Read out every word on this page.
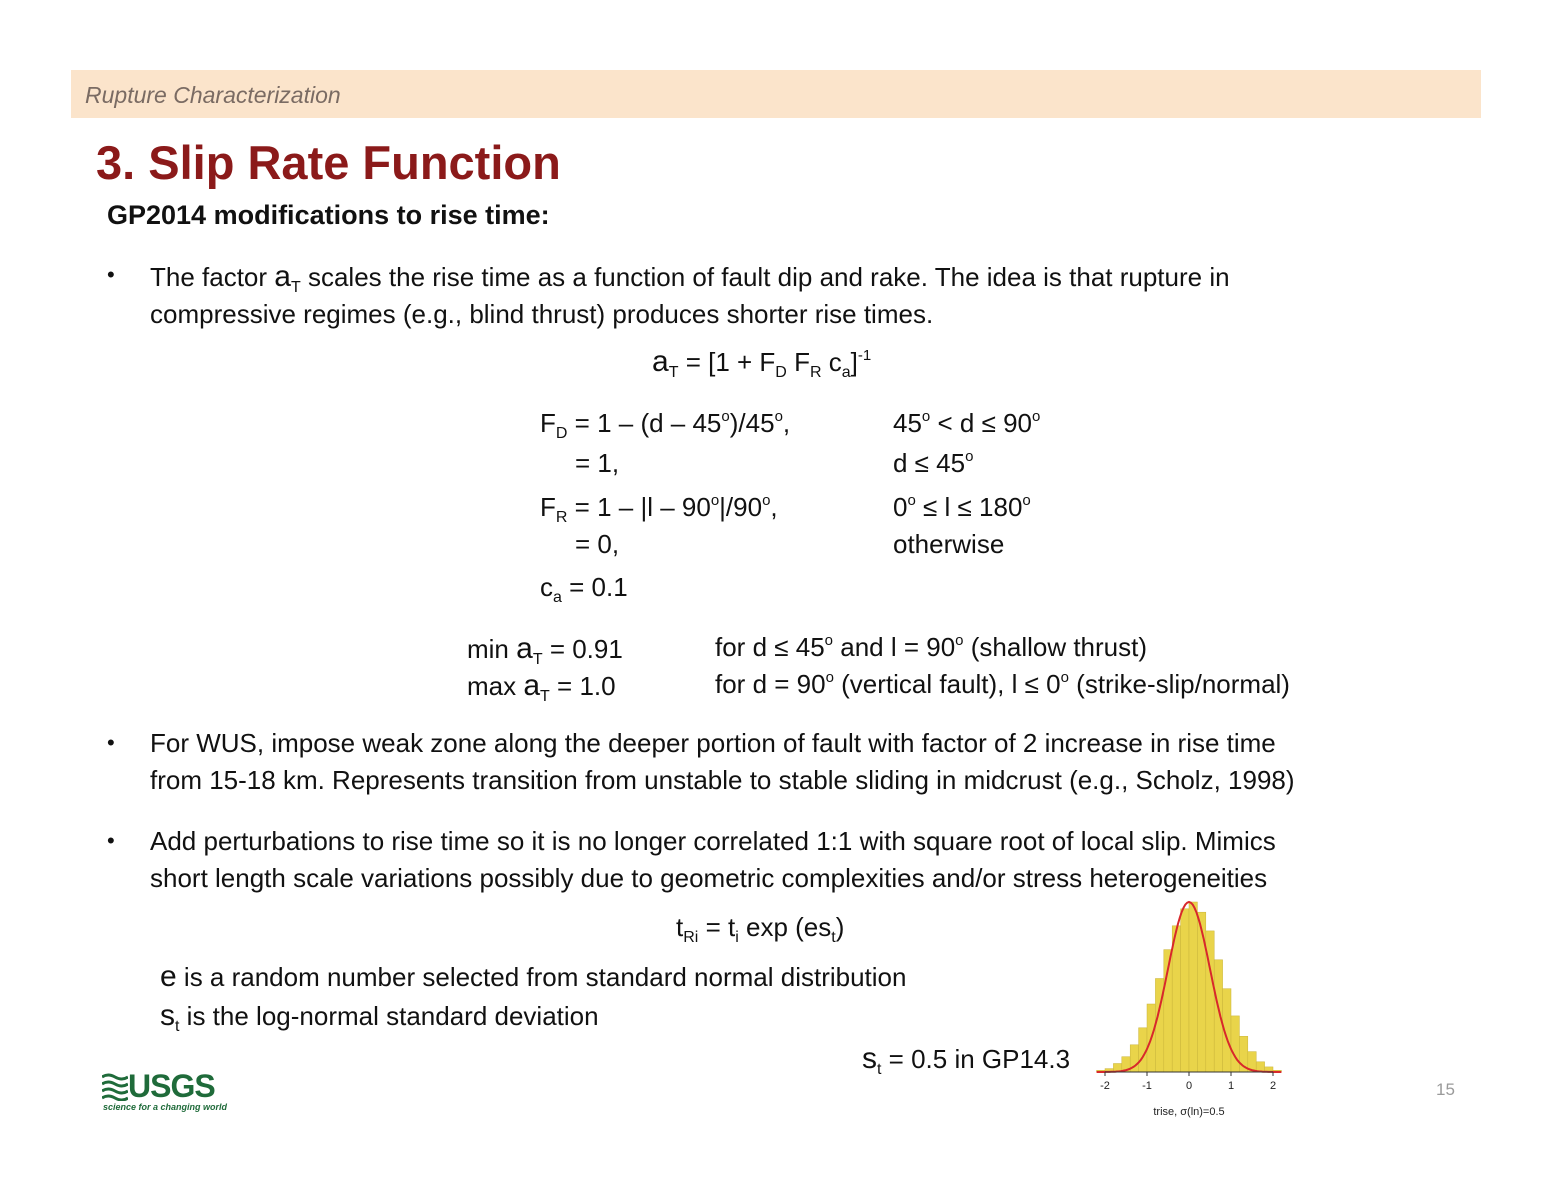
Rupture Characterization
3. Slip Rate Function
GP2014 modifications to rise time:
• The factor $a_T$ scales the rise time as a function of fault dip and rake. The idea is that rupture in
compressive regimes (e.g., blind thrust) produces shorter rise times.
$a_T = [1 + F_D$ $F_R$ $c_a]^{-1}$
$F_D = 1 - (d - 45^o)/45^o$,	$45^o < d \le 90^o$
= 1,	$d \le 45^o$
$F_R = 1 - |l - 90^o|/90^o$,	$0^o \le l \le 180^o$
= 0,	otherwise
$c_a = 0.1$
$\min a_T = 0.91$	for $d \le 45^o$ and $l = 90^o$ (shallow thrust)
$\max a_T = 1.0$	for $d = 90^o$ (vertical fault), $l \le 0^o$ (strike-slip/normal)
• For WUS, impose weak zone along the deeper portion of fault with factor of 2 increase in rise time
from 15-18 km. Represents transition from unstable to stable sliding in midcrust (e.g., Scholz, 1998)
• Add perturbations to rise time so it is no longer correlated 1:1 with square root of local slip. Mimics
short length scale variations possibly due to geometric complexities and/or stress heterogeneities
$t_{Ri} = t_i$ $\exp (es_t)$
e is a random number selected from standard normal distribution
$s_t$ is the log-normal standard deviation
$s_t = 0.5$ in GP14.3
-2	-1	0	1	2
trise, σ(ln)=0.5
USGS
science for a changing world
15
